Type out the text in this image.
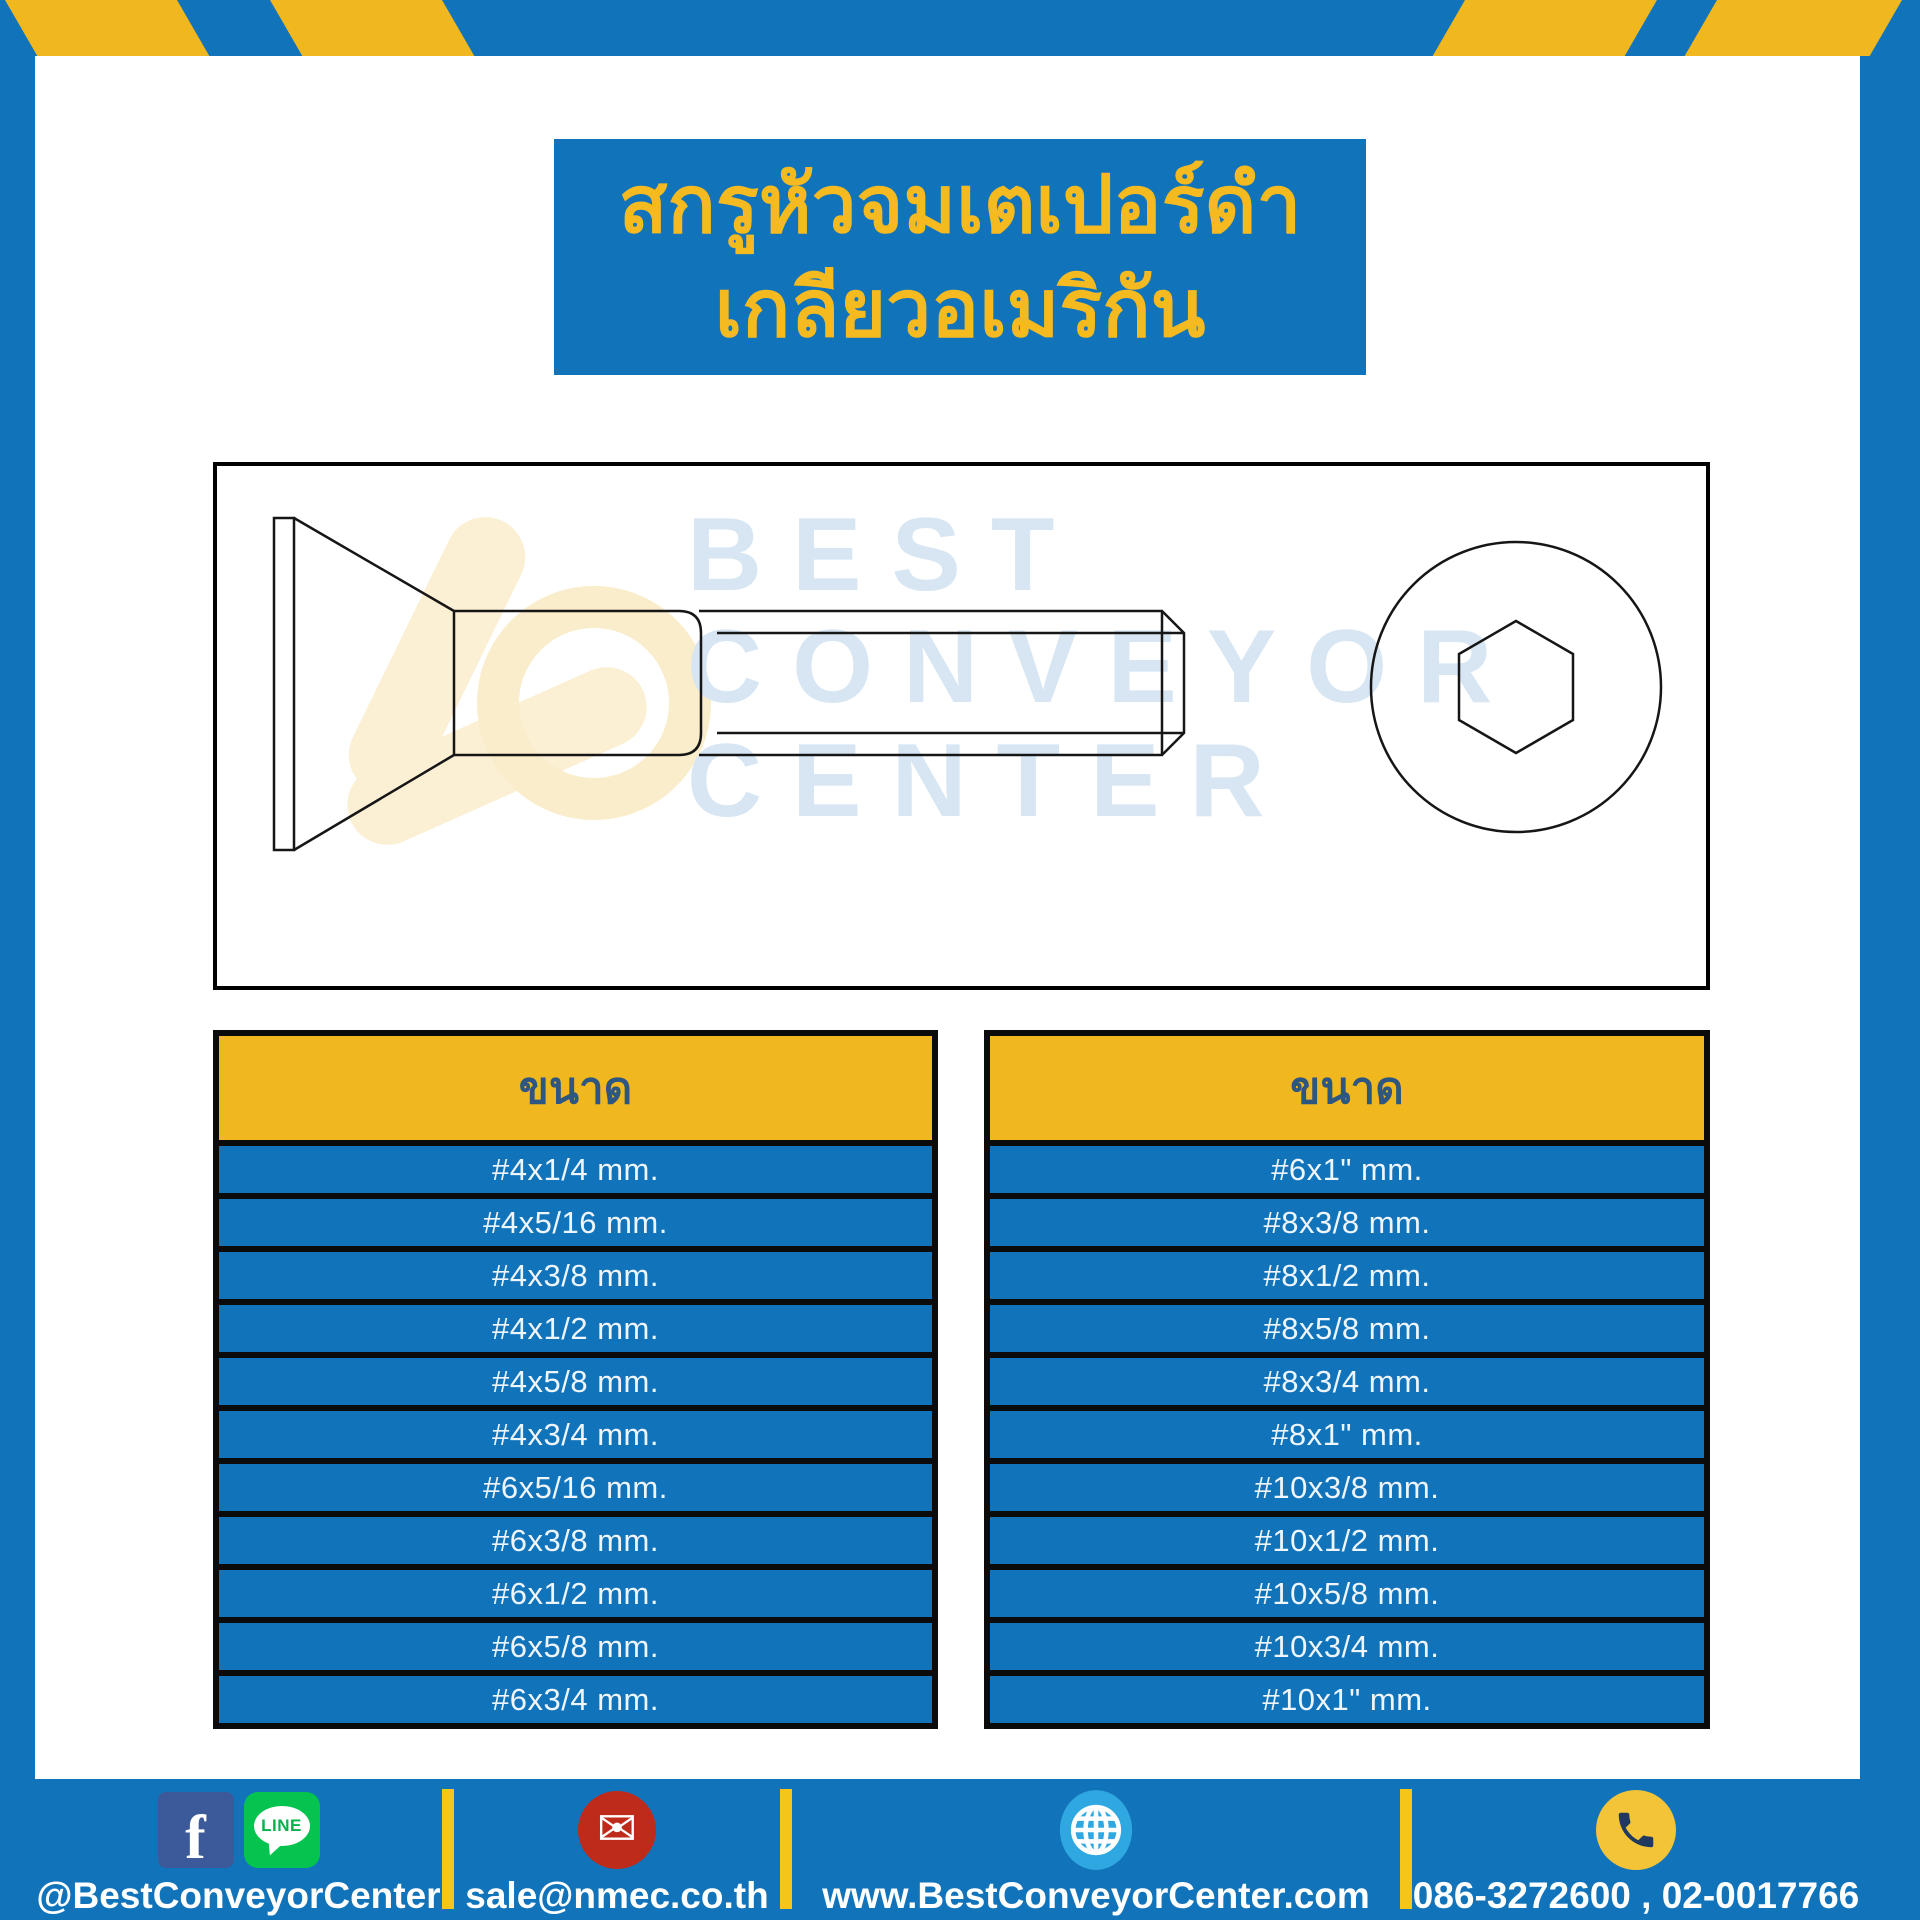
สกรูหัวจมเตเปอร์ดำ
เกลียวอเมริกัน
BEST
CONVEYOR
CENTER
ขนาด
#4x1/4 mm.
#4x5/16 mm.
#4x3/8 mm.
#4x1/2 mm.
#4x5/8 mm.
#4x3/4 mm.
#6x5/16 mm.
#6x3/8 mm.
#6x1/2 mm.
#6x5/8 mm.
#6x3/4 mm.
ขนาด
#6x1" mm.
#8x3/8 mm.
#8x1/2 mm.
#8x5/8 mm.
#8x3/4 mm.
#8x1" mm.
#10x3/8 mm.
#10x1/2 mm.
#10x5/8 mm.
#10x3/4 mm.
#10x1" mm.
f	LINE
@BestConveyorCenter
✉
sale@nmec.co.th www.BestConveyorCenter.com 086-3272600 , 02-0017766
